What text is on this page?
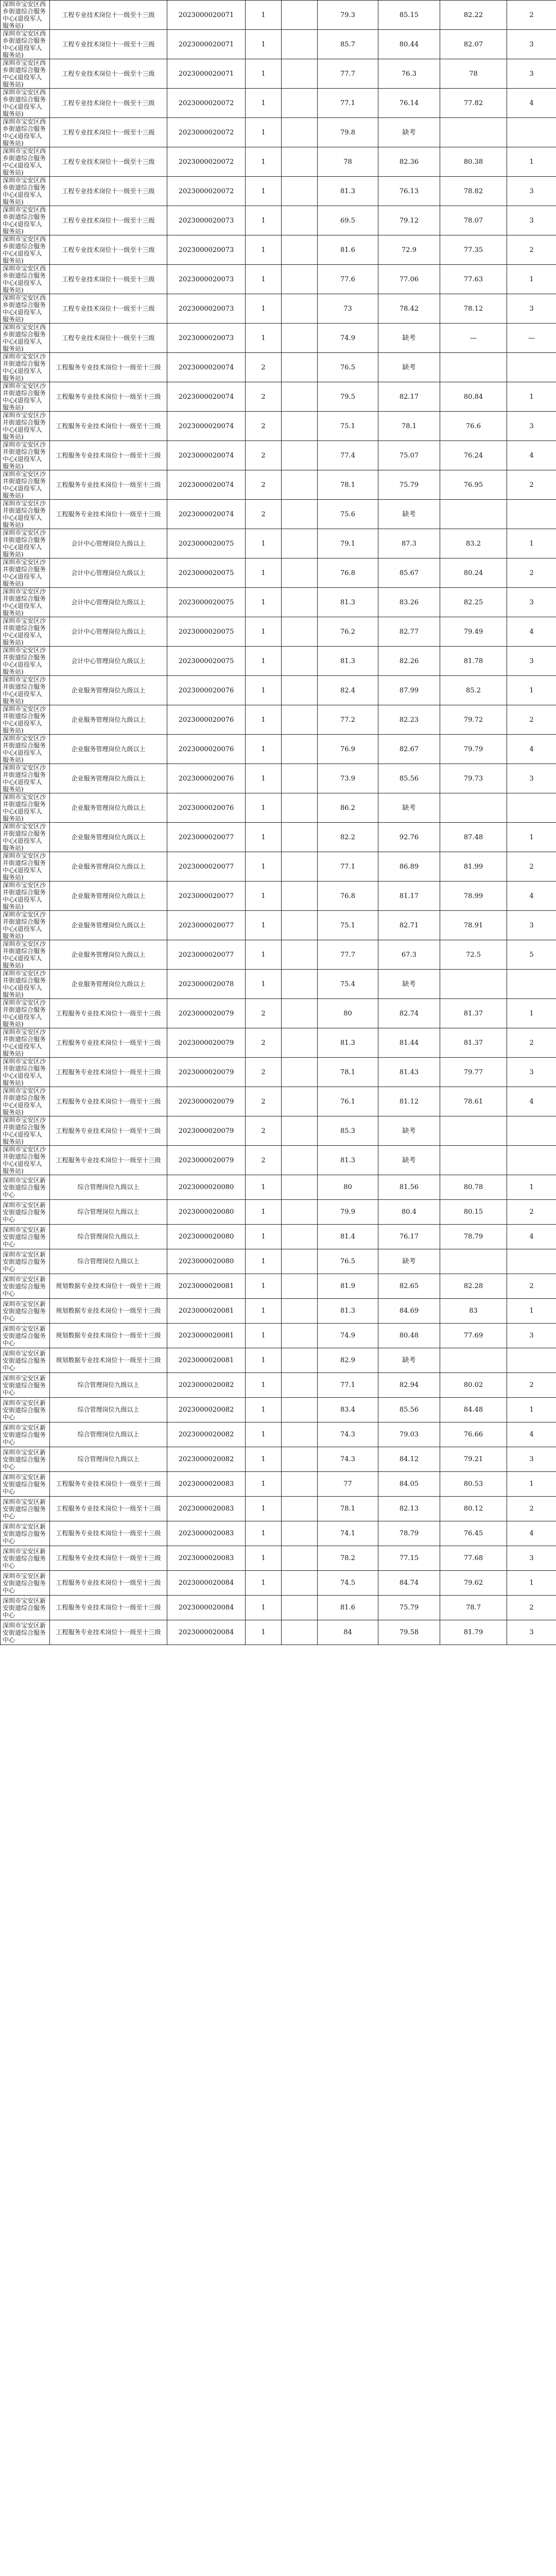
深圳市宝安区西乡街道综合服务中心(退役军人服务站)	工程专业技术岗位十一级至十三级	2023000020071	1		79.3	85.15	82.22	2
深圳市宝安区西乡街道综合服务中心(退役军人服务站)	工程专业技术岗位十一级至十三级	2023000020071	1		85.7	80.44	82.07	3
深圳市宝安区西乡街道综合服务中心(退役军人服务站)	工程专业技术岗位十一级至十三级	2023000020071	1		77.7	76.3	78	3
深圳市宝安区西乡街道综合服务中心(退役军人服务站)	工程专业技术岗位十一级至十三级	2023000020072	1		77.1	76.14	77.82	4
深圳市宝安区西乡街道综合服务中心(退役军人服务站)	工程专业技术岗位十一级至十三级	2023000020072	1		79.8	缺考		
深圳市宝安区西乡街道综合服务中心(退役军人服务站)	工程专业技术岗位十一级至十三级	2023000020072	1		78	82.36	80.38	1
深圳市宝安区西乡街道综合服务中心(退役军人服务站)	工程专业技术岗位十一级至十三级	2023000020072	1		81.3	76.13	78.82	3
深圳市宝安区西乡街道综合服务中心(退役军人服务站)	工程专业技术岗位十一级至十三级	2023000020073	1		69.5	79.12	78.07	3
深圳市宝安区西乡街道综合服务中心(退役军人服务站)	工程专业技术岗位十一级至十三级	2023000020073	1		81.6	72.9	77.35	2
深圳市宝安区西乡街道综合服务中心(退役军人服务站)	工程专业技术岗位十一级至十三级	2023000020073	1		77.6	77.06	77.63	1
深圳市宝安区西乡街道综合服务中心(退役军人服务站)	工程专业技术岗位十一级至十三级	2023000020073	1		73	78.42	78.12	3
深圳市宝安区西乡街道综合服务中心(退役军人服务站)	工程专业技术岗位十一级至十三级	2023000020073	1		74.9	缺考	—	—
深圳市宝安区沙井街道综合服务中心(退役军人服务站)	工程服务专业技术岗位十一级至十三级	2023000020074	2		76.5	缺考		
深圳市宝安区沙井街道综合服务中心(退役军人服务站)	工程服务专业技术岗位十一级至十三级	2023000020074	2		79.5	82.17	80.84	1
深圳市宝安区沙井街道综合服务中心(退役军人服务站)	工程服务专业技术岗位十一级至十三级	2023000020074	2		75.1	78.1	76.6	3
深圳市宝安区沙井街道综合服务中心(退役军人服务站)	工程服务专业技术岗位十一级至十三级	2023000020074	2		77.4	75.07	76.24	4
深圳市宝安区沙井街道综合服务中心(退役军人服务站)	工程服务专业技术岗位十一级至十三级	2023000020074	2		78.1	75.79	76.95	2
深圳市宝安区沙井街道综合服务中心(退役军人服务站)	工程服务专业技术岗位十一级至十三级	2023000020074	2		75.6	缺考		
深圳市宝安区沙井街道综合服务中心(退役军人服务站)	会计中心管理岗位九级以上	2023000020075	1		79.1	87.3	83.2	1
深圳市宝安区沙井街道综合服务中心(退役军人服务站)	会计中心管理岗位九级以上	2023000020075	1		76.8	85.67	80.24	2
深圳市宝安区沙井街道综合服务中心(退役军人服务站)	会计中心管理岗位九级以上	2023000020075	1		81.3	83.26	82.25	3
深圳市宝安区沙井街道综合服务中心(退役军人服务站)	会计中心管理岗位九级以上	2023000020075	1		76.2	82.77	79.49	4
深圳市宝安区沙井街道综合服务中心(退役军人服务站)	会计中心管理岗位九级以上	2023000020075	1		81.3	82.26	81.78	3
深圳市宝安区沙井街道综合服务中心(退役军人服务站)	企业服务管理岗位九级以上	2023000020076	1		82.4	87.99	85.2	1
深圳市宝安区沙井街道综合服务中心(退役军人服务站)	企业服务管理岗位九级以上	2023000020076	1		77.2	82.23	79.72	2
深圳市宝安区沙井街道综合服务中心(退役军人服务站)	企业服务管理岗位九级以上	2023000020076	1		76.9	82.67	79.79	4
深圳市宝安区沙井街道综合服务中心(退役军人服务站)	企业服务管理岗位九级以上	2023000020076	1		73.9	85.56	79.73	3
深圳市宝安区沙井街道综合服务中心(退役军人服务站)	企业服务管理岗位九级以上	2023000020076	1		86.2	缺考		
深圳市宝安区沙井街道综合服务中心(退役军人服务站)	企业服务管理岗位九级以上	2023000020077	1		82.2	92.76	87.48	1
深圳市宝安区沙井街道综合服务中心(退役军人服务站)	企业服务管理岗位九级以上	2023000020077	1		77.1	86.89	81.99	2
深圳市宝安区沙井街道综合服务中心(退役军人服务站)	企业服务管理岗位九级以上	2023000020077	1		76.8	81.17	78.99	4
深圳市宝安区沙井街道综合服务中心(退役军人服务站)	企业服务管理岗位九级以上	2023000020077	1		75.1	82.71	78.91	3
深圳市宝安区沙井街道综合服务中心(退役军人服务站)	企业服务管理岗位九级以上	2023000020077	1		77.7	67.3	72.5	5
深圳市宝安区沙井街道综合服务中心(退役军人服务站)	企业服务管理岗位九级以上	2023000020078	1		75.4	缺考		
深圳市宝安区沙井街道综合服务中心(退役军人服务站)	工程服务专业技术岗位十一级至十三级	2023000020079	2		80	82.74	81.37	1
深圳市宝安区沙井街道综合服务中心(退役军人服务站)	工程服务专业技术岗位十一级至十三级	2023000020079	2		81.3	81.44	81.37	2
深圳市宝安区沙井街道综合服务中心(退役军人服务站)	工程服务专业技术岗位十一级至十三级	2023000020079	2		78.1	81.43	79.77	3
深圳市宝安区沙井街道综合服务中心(退役军人服务站)	工程服务专业技术岗位十一级至十三级	2023000020079	2		76.1	81.12	78.61	4
深圳市宝安区沙井街道综合服务中心(退役军人服务站)	工程服务专业技术岗位十一级至十三级	2023000020079	2		85.3	缺考		
深圳市宝安区沙井街道综合服务中心(退役军人服务站)	工程服务专业技术岗位十一级至十三级	2023000020079	2		81.3	缺考		
深圳市宝安区新安街道综合服务中心	综合管理岗位九级以上	2023000020080	1		80	81.56	80.78	1
深圳市宝安区新安街道综合服务中心	综合管理岗位九级以上	2023000020080	1		79.9	80.4	80.15	2
深圳市宝安区新安街道综合服务中心	综合管理岗位九级以上	2023000020080	1		81.4	76.17	78.79	4
深圳市宝安区新安街道综合服务中心	综合管理岗位九级以上	2023000020080	1		76.5	缺考		
深圳市宝安区新安街道综合服务中心	规划数据专业技术岗位十一级至十三级	2023000020081	1		81.9	82.65	82.28	2
深圳市宝安区新安街道综合服务中心	规划数据专业技术岗位十一级至十三级	2023000020081	1		81.3	84.69	83	1
深圳市宝安区新安街道综合服务中心	规划数据专业技术岗位十一级至十三级	2023000020081	1		74.9	80.48	77.69	3
深圳市宝安区新安街道综合服务中心	规划数据专业技术岗位十一级至十三级	2023000020081	1		82.9	缺考		
深圳市宝安区新安街道综合服务中心	综合管理岗位九级以上	2023000020082	1		77.1	82.94	80.02	2
深圳市宝安区新安街道综合服务中心	综合管理岗位九级以上	2023000020082	1		83.4	85.56	84.48	1
深圳市宝安区新安街道综合服务中心	综合管理岗位九级以上	2023000020082	1		74.3	79.03	76.66	4
深圳市宝安区新安街道综合服务中心	综合管理岗位九级以上	2023000020082	1		74.3	84.12	79.21	3
深圳市宝安区新安街道综合服务中心	工程服务专业技术岗位十一级至十三级	2023000020083	1		77	84.05	80.53	1
深圳市宝安区新安街道综合服务中心	工程服务专业技术岗位十一级至十三级	2023000020083	1		78.1	82.13	80.12	2
深圳市宝安区新安街道综合服务中心	工程服务专业技术岗位十一级至十三级	2023000020083	1		74.1	78.79	76.45	4
深圳市宝安区新安街道综合服务中心	工程服务专业技术岗位十一级至十三级	2023000020083	1		78.2	77.15	77.68	3
深圳市宝安区新安街道综合服务中心	工程服务专业技术岗位十一级至十三级	2023000020084	1		74.5	84.74	79.62	1
深圳市宝安区新安街道综合服务中心	工程服务专业技术岗位十一级至十三级	2023000020084	1		81.6	75.79	78.7	2
深圳市宝安区新安街道综合服务中心	工程服务专业技术岗位十一级至十三级	2023000020084	1		84	79.58	81.79	3
